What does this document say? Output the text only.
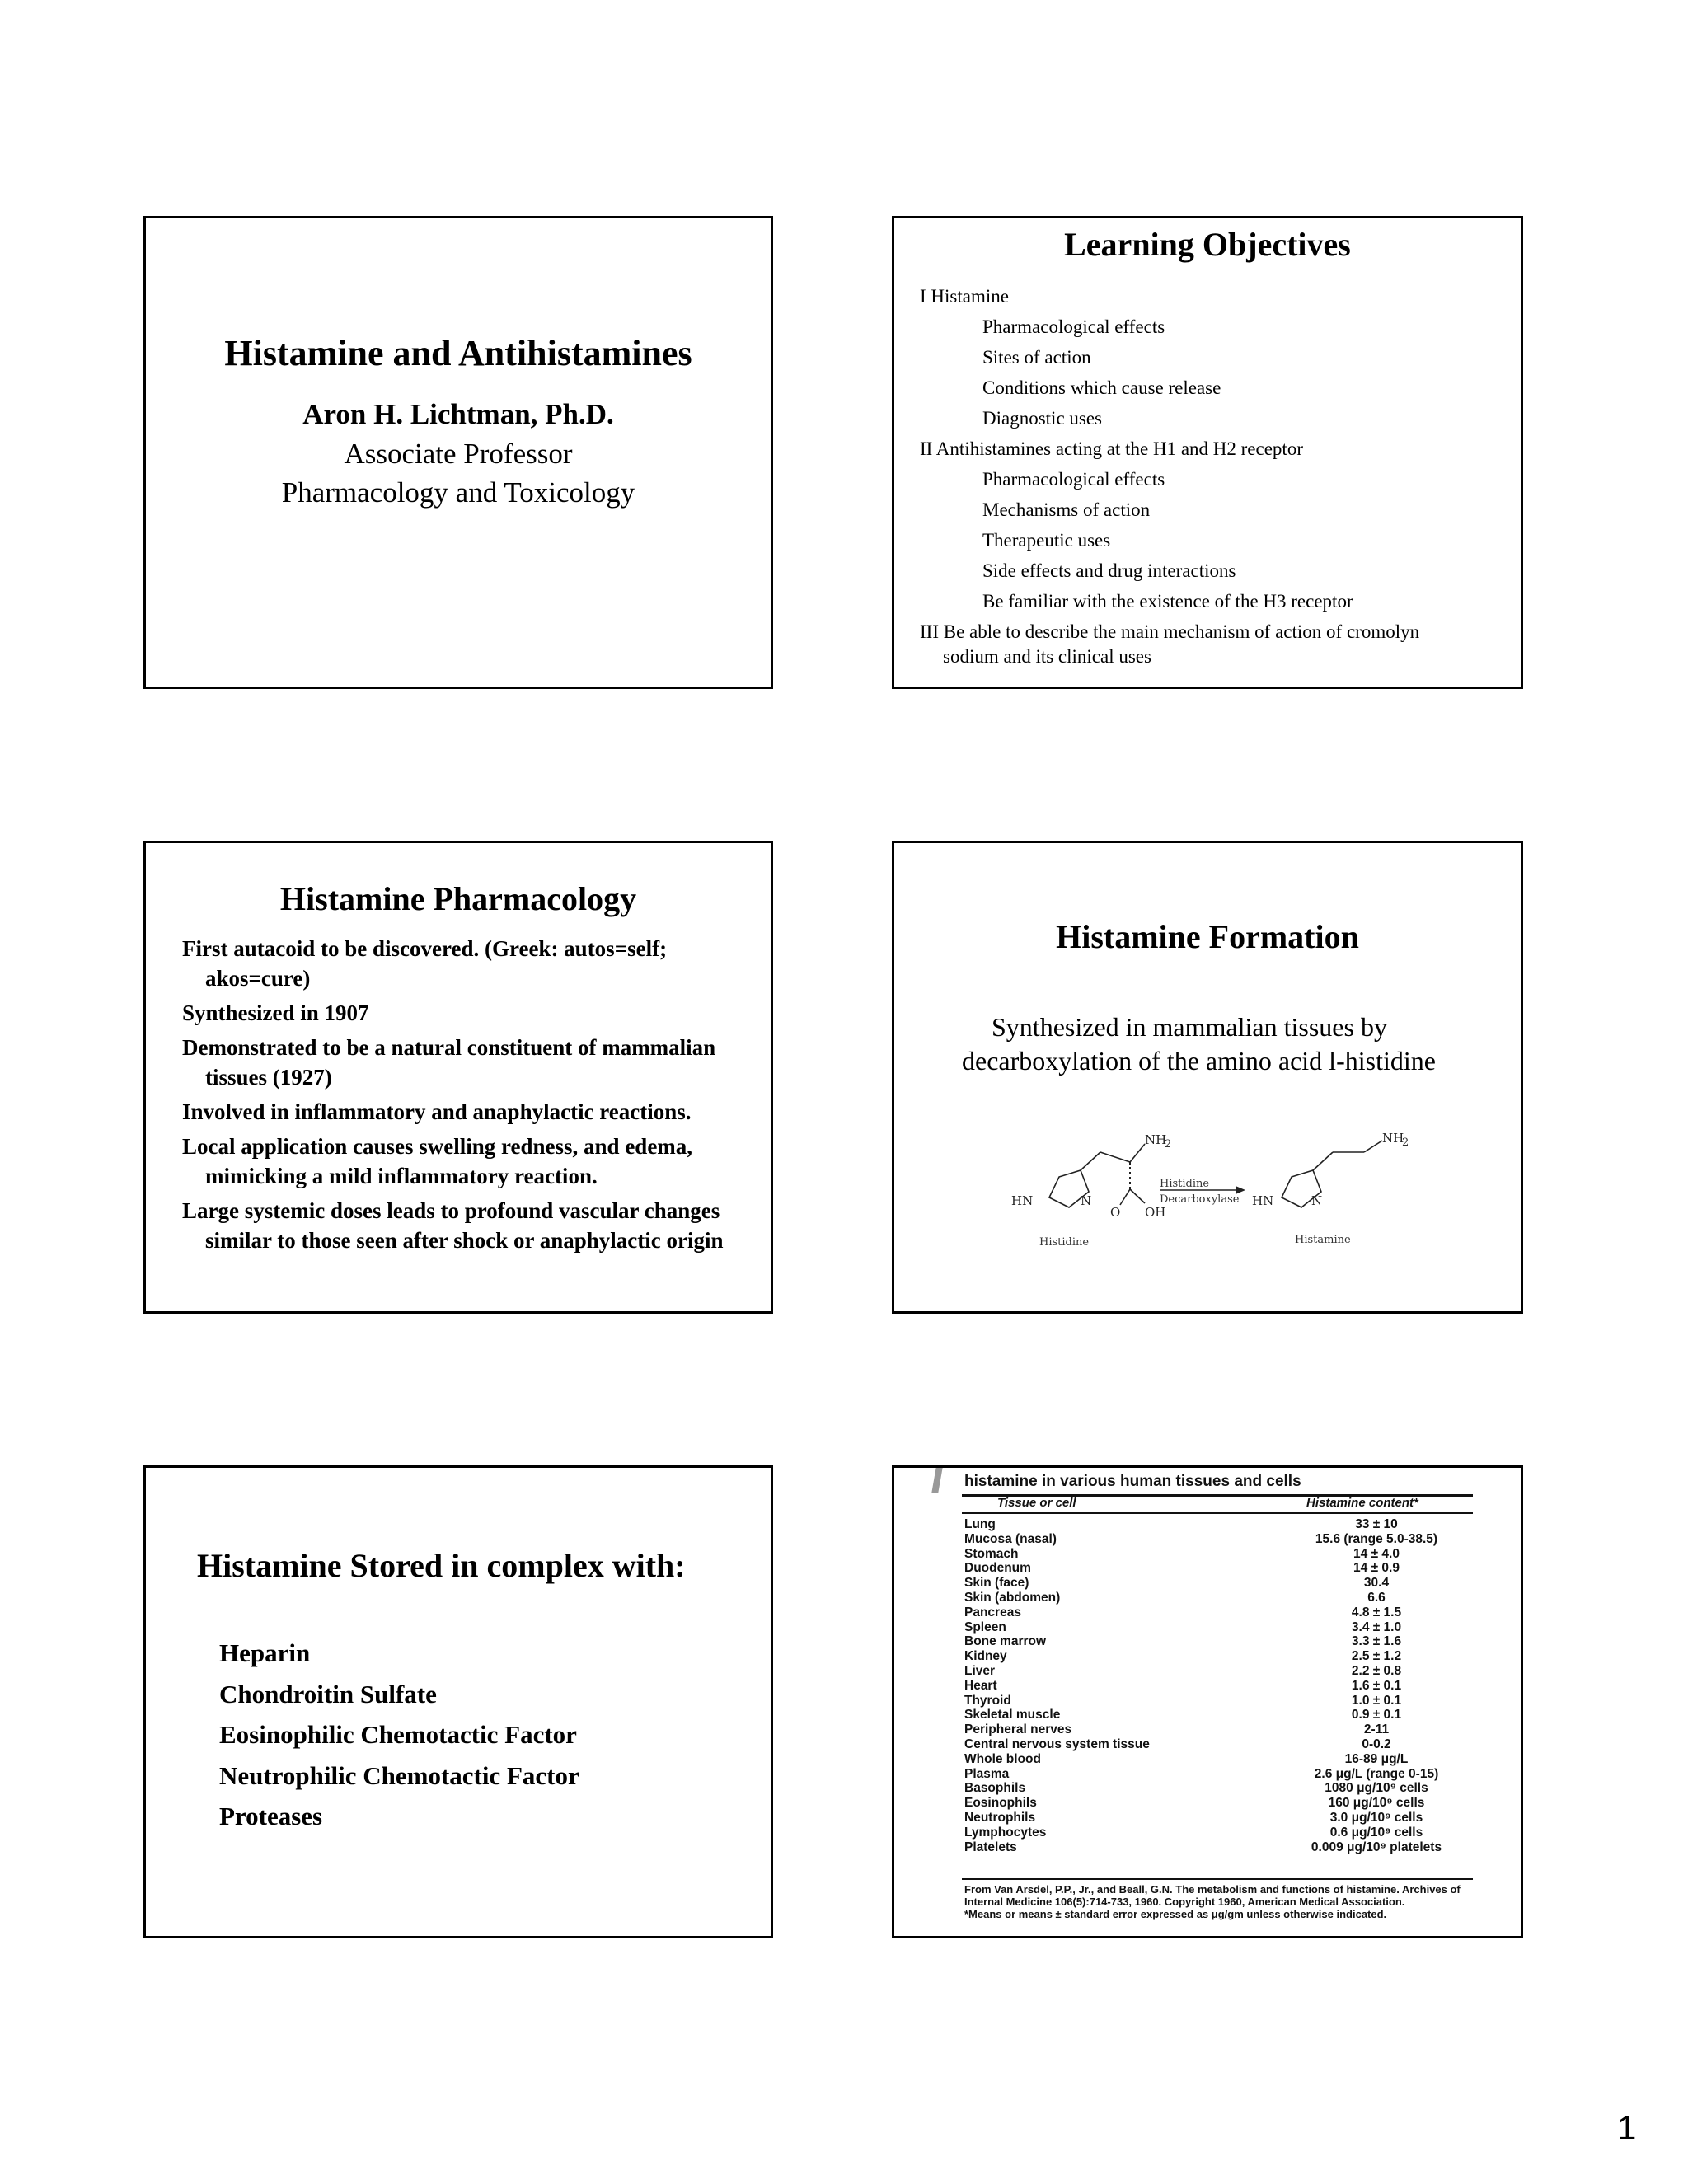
Histamine and Antihistamines
Aron H. Lichtman, Ph.D.
Associate Professor
Pharmacology and Toxicology
Learning Objectives
I Histamine
Pharmacological effects
Sites of action
Conditions which cause release
Diagnostic uses
II Antihistamines acting at the H1 and H2 receptor
Pharmacological effects
Mechanisms of action
Therapeutic uses
Side effects and drug interactions
Be familiar with the existence of the H3 receptor
III Be able to describe the main mechanism of action of cromolyn
sodium and its clinical uses
Histamine Pharmacology
First autacoid to be discovered. (Greek: autos=self; akos=cure)
Synthesized in 1907
Demonstrated to be a natural constituent of mammalian tissues (1927)
Involved in inflammatory and anaphylactic reactions.
Local application causes swelling redness, and edema, mimicking a mild inflammatory reaction.
Large systemic doses leads to profound vascular changes similar to those seen after shock or anaphylactic origin
Histamine Formation
Synthesized in mammalian tissues by
decarboxylation of the amino acid l-histidine
NH
2
HN	N
O OH
Histidine
Decarboxylase
NH
2
HN	N
Histidine	Histamine
Histamine Stored in complex with:
Heparin
Chondroitin Sulfate
Eosinophilic Chemotactic Factor
Neutrophilic Chemotactic Factor
Proteases
histamine in various human tissues and cells
Tissue or cell	Histamine content*
Lung	33 ± 10
Mucosa (nasal)	15.6 (range 5.0-38.5)
Stomach	14 ± 4.0
Duodenum	14 ± 0.9
Skin (face)	30.4
Skin (abdomen)	6.6
Pancreas	4.8 ± 1.5
Spleen	3.4 ± 1.0
Bone marrow	3.3 ± 1.6
Kidney	2.5 ± 1.2
Liver	2.2 ± 0.8
Heart	1.6 ± 0.1
Thyroid	1.0 ± 0.1
Skeletal muscle	0.9 ± 0.1
Peripheral nerves	2-11
Central nervous system tissue	0-0.2
Whole blood	16-89 μg/L
Plasma	2.6 μg/L (range 0-15)
Basophils	1080 μg/10⁹ cells
Eosinophils	160 μg/10⁹ cells
Neutrophils	3.0 μg/10⁹ cells
Lymphocytes	0.6 μg/10⁹ cells
Platelets	0.009 μg/10⁹ platelets
From Van Arsdel, P.P., Jr., and Beall, G.N. The metabolism and functions of histamine. Archives of Internal Medicine 106(5):714-733, 1960. Copyright 1960, American Medical Association.
*Means or means ± standard error expressed as μg/gm unless otherwise indicated.
1
